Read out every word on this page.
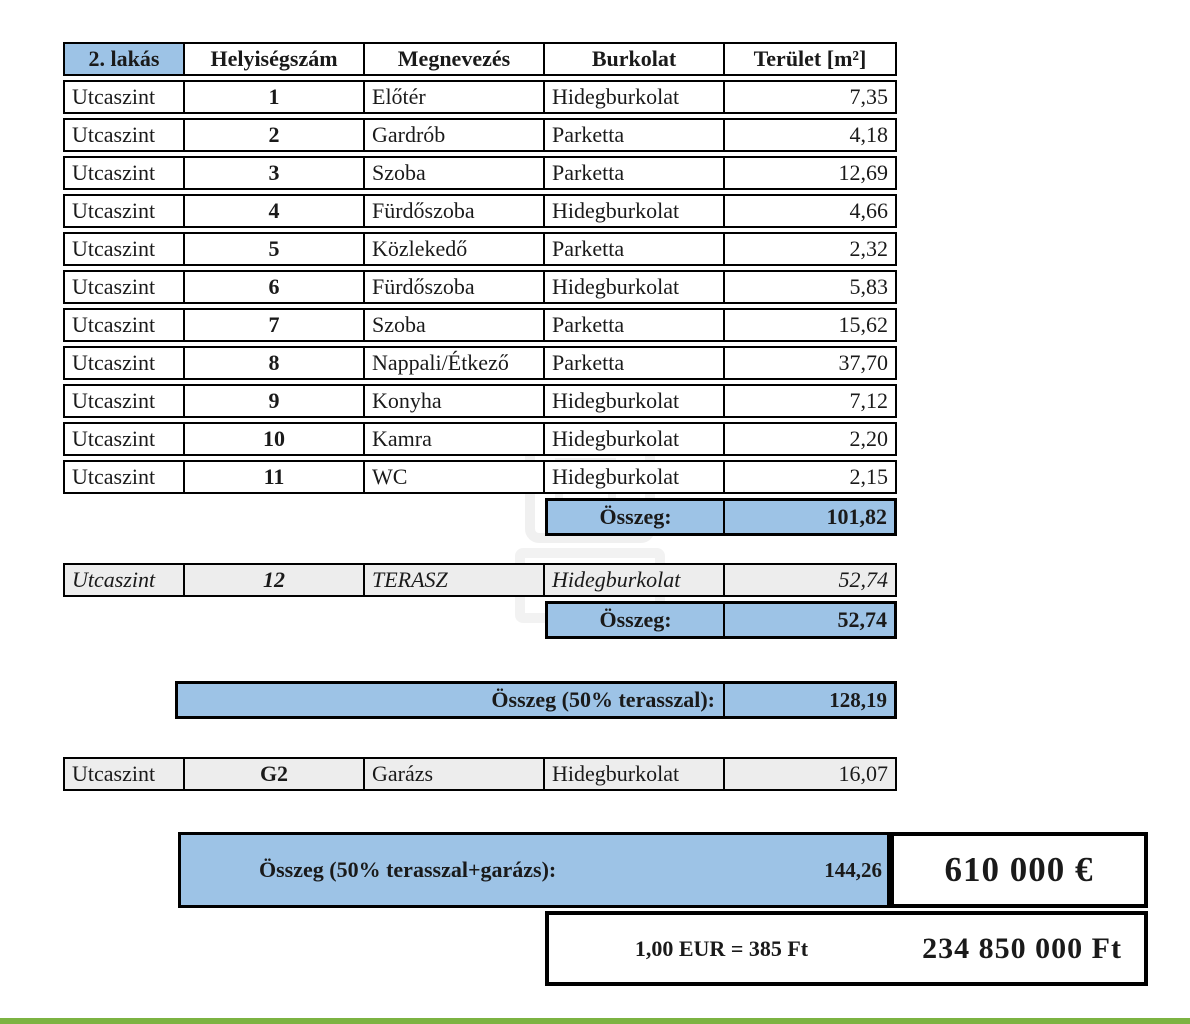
2. lakás	Helyiségszám	Megnevezés	Burkolat	Terület [m²]
Utcaszint	1	Előtér	Hidegburkolat	7,35
Utcaszint	2	Gardrób	Parketta	4,18
Utcaszint	3	Szoba	Parketta	12,69
Utcaszint	4	Fürdőszoba	Hidegburkolat	4,66
Utcaszint	5	Közlekedő	Parketta	2,32
Utcaszint	6	Fürdőszoba	Hidegburkolat	5,83
Utcaszint	7	Szoba	Parketta	15,62
Utcaszint	8	Nappali/Étkező	Parketta	37,70
Utcaszint	9	Konyha	Hidegburkolat	7,12
Utcaszint	10	Kamra	Hidegburkolat	2,20
Utcaszint	11	WC	Hidegburkolat	2,15
Összeg:	101,82
Utcaszint	12	TERASZ	Hidegburkolat	52,74
Összeg:	52,74
Összeg (50% terasszal):	128,19
Utcaszint	G2	Garázs	Hidegburkolat	16,07
Összeg (50% terasszal+garázs):	144,26	610 000 €
1,00 EUR = 385 Ft	234 850 000 Ft
